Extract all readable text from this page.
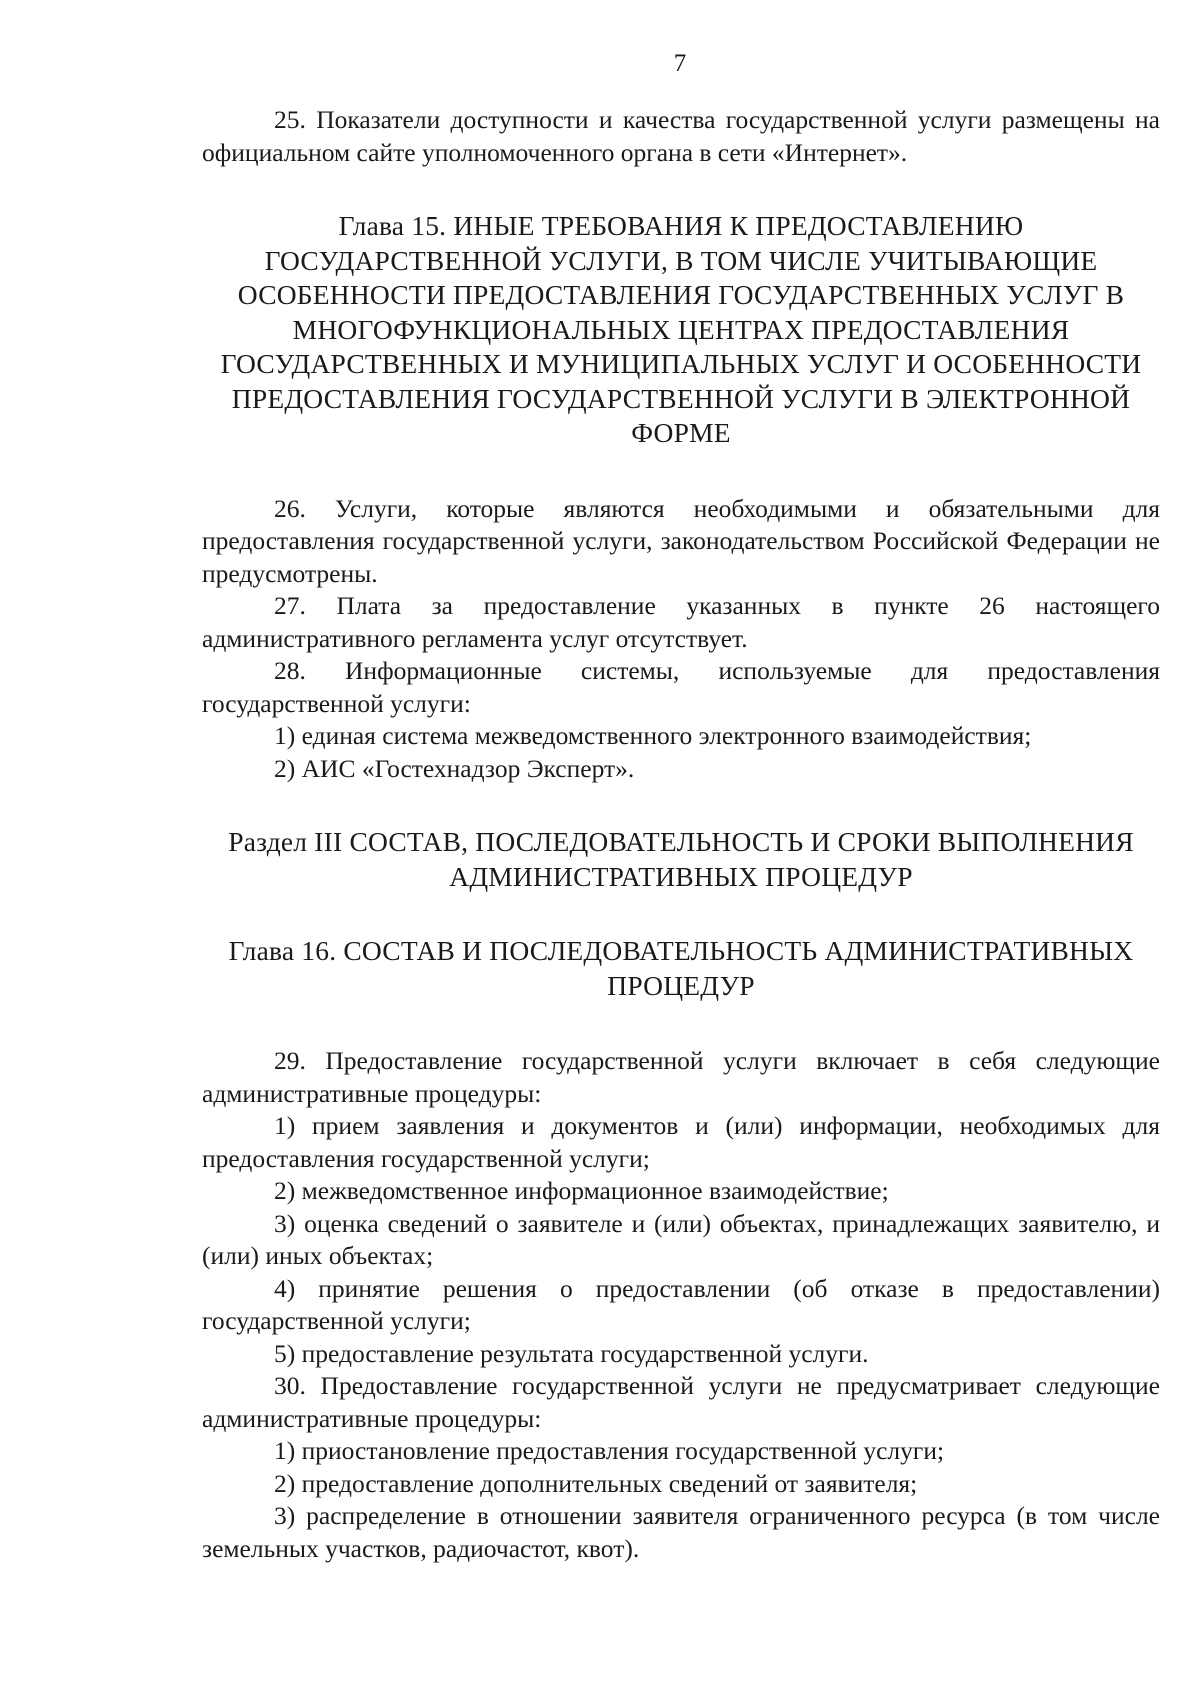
7
25. Показатели доступности и качества государственной услуги размещены на официальном сайте уполномоченного органа в сети «Интернет».
Глава 15. ИНЫЕ ТРЕБОВАНИЯ К ПРЕДОСТАВЛЕНИЮ ГОСУДАРСТВЕННОЙ УСЛУГИ, В ТОМ ЧИСЛЕ УЧИТЫВАЮЩИЕ ОСОБЕННОСТИ ПРЕДОСТАВЛЕНИЯ ГОСУДАРСТВЕННЫХ УСЛУГ В МНОГОФУНКЦИОНАЛЬНЫХ ЦЕНТРАХ ПРЕДОСТАВЛЕНИЯ ГОСУДАРСТВЕННЫХ И МУНИЦИПАЛЬНЫХ УСЛУГ И ОСОБЕННОСТИ ПРЕДОСТАВЛЕНИЯ ГОСУДАРСТВЕННОЙ УСЛУГИ В ЭЛЕКТРОННОЙ ФОРМЕ
26. Услуги, которые являются необходимыми и обязательными для предоставления государственной услуги, законодательством Российской Федерации не предусмотрены.
27. Плата за предоставление указанных в пункте 26 настоящего административного регламента услуг отсутствует.
28. Информационные системы, используемые для предоставления государственной услуги:
1) единая система межведомственного электронного взаимодействия;
2) АИС «Гостехнадзор Эксперт».
Раздел III СОСТАВ, ПОСЛЕДОВАТЕЛЬНОСТЬ И СРОКИ ВЫПОЛНЕНИЯ АДМИНИСТРАТИВНЫХ ПРОЦЕДУР
Глава 16. СОСТАВ И ПОСЛЕДОВАТЕЛЬНОСТЬ АДМИНИСТРАТИВНЫХ ПРОЦЕДУР
29. Предоставление государственной услуги включает в себя следующие административные процедуры:
1) прием заявления и документов и (или) информации, необходимых для предоставления государственной услуги;
2) межведомственное информационное взаимодействие;
3) оценка сведений о заявителе и (или) объектах, принадлежащих заявителю, и (или) иных объектах;
4) принятие решения о предоставлении (об отказе в предоставлении) государственной услуги;
5) предоставление результата государственной услуги.
30. Предоставление государственной услуги не предусматривает следующие административные процедуры:
1) приостановление предоставления государственной услуги;
2) предоставление дополнительных сведений от заявителя;
3) распределение в отношении заявителя ограниченного ресурса (в том числе земельных участков, радиочастот, квот).
